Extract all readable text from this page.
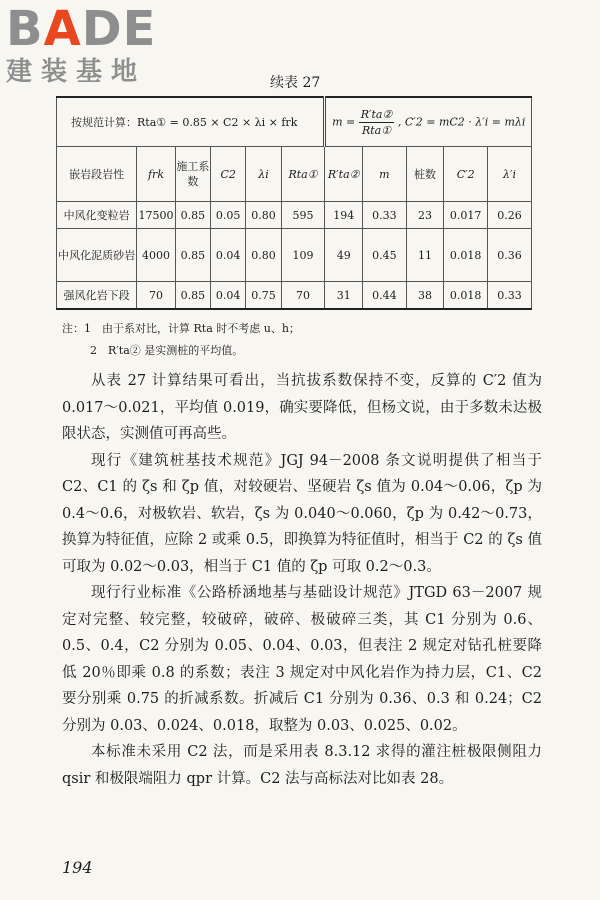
BADE
建装基地	续表 27
按规范计算：Rta① = 0.85 × C2 × λi × frk						$m = \frac{\text{R′ta②}}{\text{Rta①}}$ , C′2 = mC2 · λ′i = mλi				
嵌岩段岩性	frk	施工系数	C2	λi	Rta①	R′ta②	m	桩数	C′2	λ′i
中风化变粒岩	17500	0.85	0.05	0.80	595	194	0.33	23	0.017	0.26
中风化泥质砂岩	4000	0.85	0.04	0.80	109	49	0.45	11	0.018	0.36
强风化岩下段	70	0.85	0.04	0.75	70	31	0.44	38	0.018	0.33
注：1　由于系对比，计算 Rta 时不考虑 u、h；
2　R′ta② 是实测桩的平均值。

从表 27 计算结果可看出，当抗拔系数保持不变，反算的 C′2 值为 0.017～0.021，平均值 0.019，确实要降低，但杨文说，由于多数未达极限状态，实测值可再高些。

现行《建筑桩基技术规范》JGJ 94－2008 条文说明提供了相当于 C2、C1 的 ζs 和 ζp 值，对较硬岩、坚硬岩 ζs 值为 0.04～0.06，ζp 为 0.4～0.6，对极软岩、软岩，ζs 为 0.040～0.060，ζp 为 0.42～0.73，换算为特征值，应除 2 或乘 0.5，即换算为特征值时，相当于 C2 的 ζs 值可取为 0.02～0.03，相当于 C1 值的 ζp 可取 0.2～0.3。

现行行业标准《公路桥涵地基与基础设计规范》JTGD 63－2007 规定对完整、较完整，较破碎，破碎、极破碎三类，其 C1 分别为 0.6、0.5、0.4，C2 分别为 0.05、0.04、0.03，但表注 2 规定对钻孔桩要降低 20％即乘 0.8 的系数；表注 3 规定对中风化岩作为持力层，C1、C2 要分别乘 0.75 的折减系数。折减后 C1 分别为 0.36、0.3 和 0.24；C2 分别为 0.03、0.024、0.018，取整为 0.03、0.025、0.02。

本标准未采用 C2 法，而是采用表 8.3.12 求得的灌注桩极限侧阻力 qsir 和极限端阻力 qpr 计算。C2 法与高标法对比如表 28。

194
